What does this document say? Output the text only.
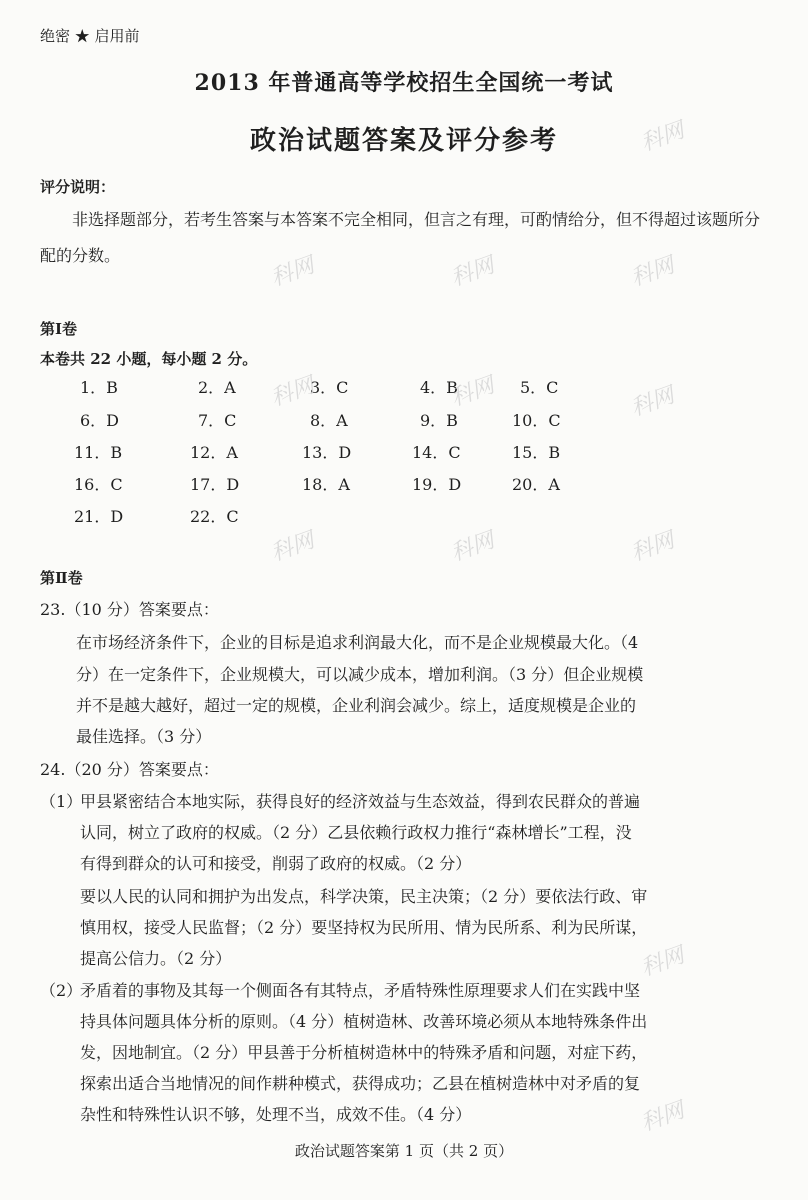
绝密 ★ 启用前
2013 年普通高等学校招生全国统一考试
政治试题答案及评分参考
评分说明：
非选择题部分，若考生答案与本答案不完全相同，但言之有理，可酌情给分，但不得超过该题所分配的分数。
第Ⅰ卷
本卷共 22 小题，每小题 2 分。
1．B	2．A	3．C	4．B	5．C
6．D	7．C	8．A	9．B	10．C
11．B	12．A	13．D	14．C	15．B
16．C	17．D	18．A	19．D	20．A
21．D	22．C
第Ⅱ卷
23.（10 分）答案要点：
在市场经济条件下，企业的目标是追求利润最大化，而不是企业规模最大化。（4
分）在一定条件下，企业规模大，可以减少成本，增加利润。（3 分）但企业规模
并不是越大越好，超过一定的规模，企业利润会减少。综上，适度规模是企业的
最佳选择。（3 分）
24.（20 分）答案要点：
（1）
甲县紧密结合本地实际，获得良好的经济效益与生态效益，得到农民群众的普遍
认同，树立了政府的权威。（2 分）乙县依赖行政权力推行“森林增长”工程，没
有得到群众的认可和接受，削弱了政府的权威。（2 分）
要以人民的认同和拥护为出发点，科学决策，民主决策；（2 分）要依法行政、审
慎用权，接受人民监督；（2 分）要坚持权为民所用、情为民所系、利为民所谋，
提高公信力。（2 分）
（2）
矛盾着的事物及其每一个侧面各有其特点，矛盾特殊性原理要求人们在实践中坚
持具体问题具体分析的原则。（4 分）植树造林、改善环境必须从本地特殊条件出
发，因地制宜。（2 分）甲县善于分析植树造林中的特殊矛盾和问题，对症下药，
探索出适合当地情况的间作耕种模式，获得成功；乙县在植树造林中对矛盾的复
杂性和特殊性认识不够，处理不当，成效不佳。（4 分）
政治试题答案第 1 页（共 2 页）
科网
科网	科网	科网
科网	科网	科网
科网	科网	科网
科网
科网
